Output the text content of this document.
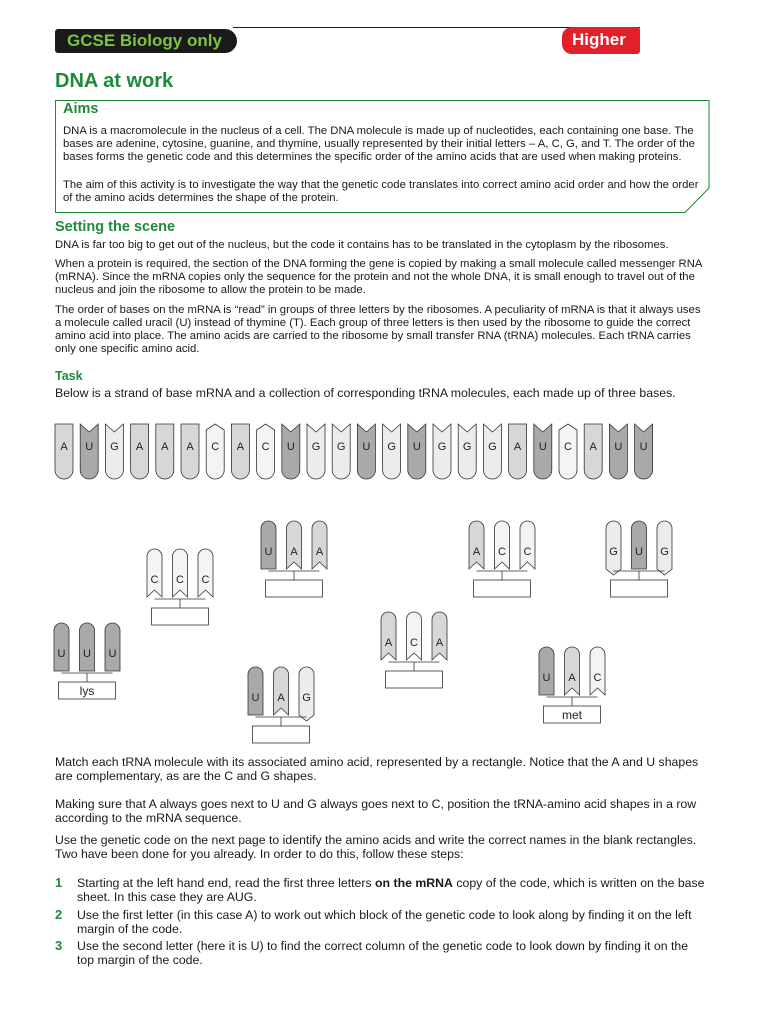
GCSE Biology only	Higher
DNA at work
Aims
DNA is a macromolecule in the nucleus of a cell. The DNA molecule is made up of nucleotides, each containing one base. The bases are adenine, cytosine, guanine, and thymine, usually represented by their initial letters – A, C, G, and T. The order of the bases forms the genetic code and this determines the specific order of the amino acids that are used when making proteins.
The aim of this activity is to investigate the way that the genetic code translates into correct amino acid order and how the order of the amino acids determines the shape of the protein.
Setting the scene
DNA is far too big to get out of the nucleus, but the code it contains has to be translated in the cytoplasm by the ribosomes.
When a protein is required, the section of the DNA forming the gene is copied by making a small molecule called messenger RNA (mRNA). Since the mRNA copies only the sequence for the protein and not the whole DNA, it is small enough to travel out of the nucleus and join the ribosome to allow the protein to be made.
The order of bases on the mRNA is “read” in groups of three letters by the ribosomes. A peculiarity of mRNA is that it always uses a molecule called uracil (U) instead of thymine (T). Each group of three letters is then used by the ribosome to guide the correct amino acid into place. The amino acids are carried to the ribosome by small transfer RNA (tRNA) molecules. Each tRNA carries only one specific amino acid.
Task
Below is a strand of base mRNA and a collection of corresponding tRNA molecules, each made up of three bases.
A U G A A A C A C U G G U G U G G G A U C A U U
C C C
U A A	A C C	G U G
U U U
lys	U A G
A C A
U A C
met
Match each tRNA molecule with its associated amino acid, represented by a rectangle. Notice that the A and U shapes are complementary, as are the C and G shapes.
Making sure that A always goes next to U and G always goes next to C, position the tRNA-amino acid shapes in a row according to the mRNA sequence.
Use the genetic code on the next page to identify the amino acids and write the correct names in the blank rectangles. Two have been done for you already. In order to do this, follow these steps:
1 Starting at the left hand end, read the first three letters on the mRNA copy of the code, which is written on the base sheet. In this case they are AUG.
2 Use the first letter (in this case A) to work out which block of the genetic code to look along by finding it on the left margin of the code.
3 Use the second letter (here it is U) to find the correct column of the genetic code to look down by finding it on the top margin of the code.
